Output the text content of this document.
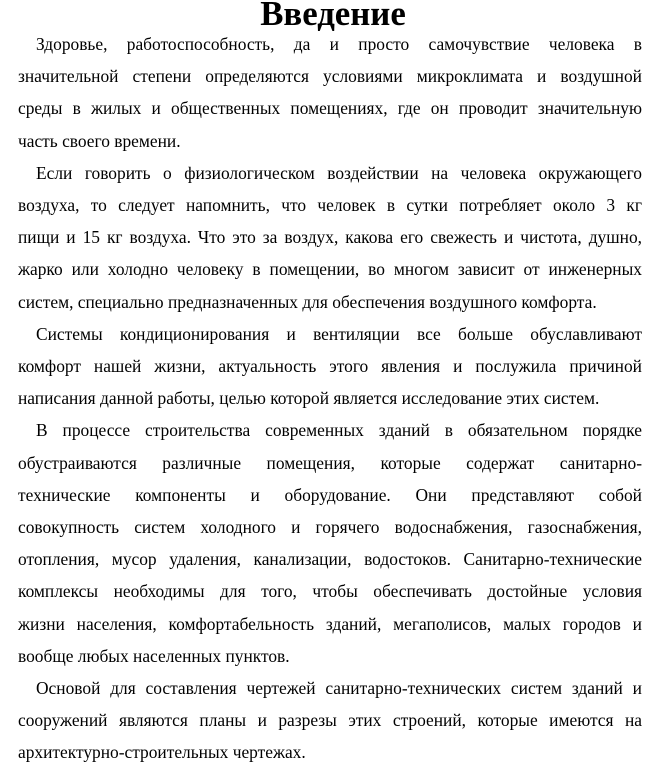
Введение

Здоровье, работоспособность, да и просто самочувствие человека в
значительной степени определяются условиями микроклимата и воздушной
среды в жилых и общественных помещениях, где он проводит значительную
часть своего времени.

Если говорить о физиологическом воздействии на человека окружающего
воздуха, то следует напомнить, что человек в сутки потребляет около 3 кг
пищи и 15 кг воздуха. Что это за воздух, какова его свежесть и чистота, душно,
жарко или холодно человеку в помещении, во многом зависит от инженерных
систем, специально предназначенных для обеспечения воздушного комфорта.

Системы кондиционирования и вентиляции все больше обуславливают
комфорт нашей жизни, актуальность этого явления и послужила причиной
написания данной работы, целью которой является исследование этих систем.

В процессе строительства современных зданий в обязательном порядке
обустраиваются различные помещения, которые содержат санитарно-
технические компоненты и оборудование. Они представляют собой
совокупность систем холодного и горячего водоснабжения, газоснабжения,
отопления, мусор удаления, канализации, водостоков. Санитарно-технические
комплексы необходимы для того, чтобы обеспечивать достойные условия
жизни населения, комфортабельность зданий, мегаполисов, малых городов и
вообще любых населенных пунктов.

Основой для составления чертежей санитарно-технических систем зданий и
сооружений являются планы и разрезы этих строений, которые имеются на
архитектурно-строительных чертежах.
